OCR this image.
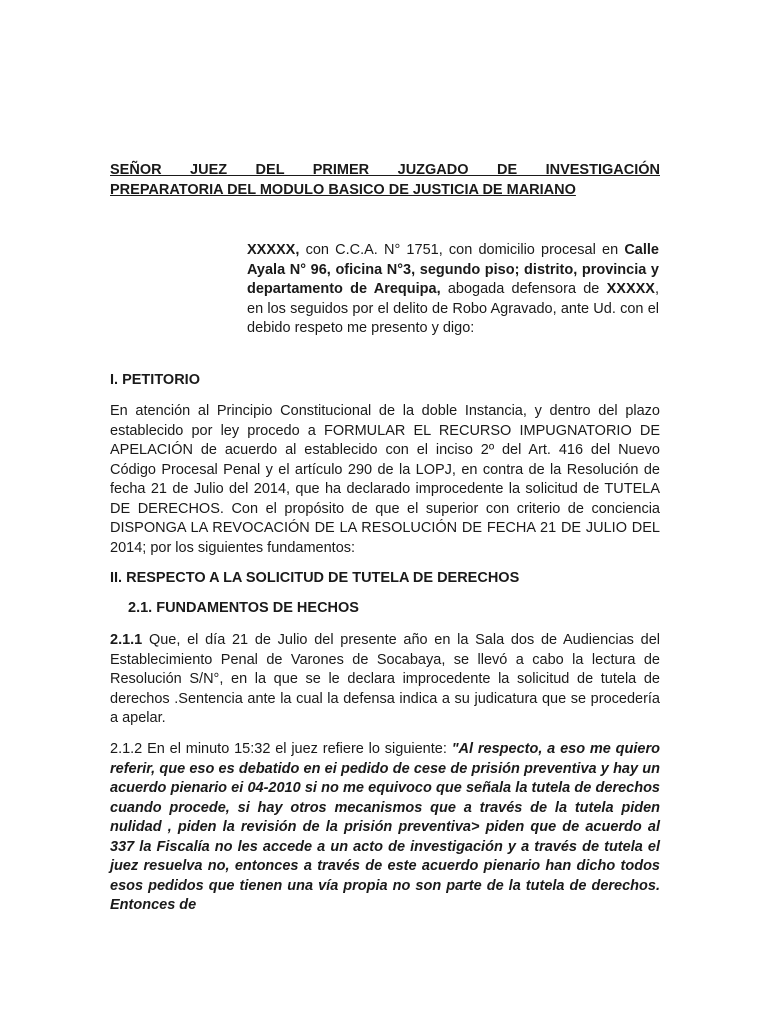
SEÑOR JUEZ DEL PRIMER JUZGADO DE INVESTIGACIÓN
PREPARATORIA DEL MODULO BASICO DE JUSTICIA DE MARIANO
XXXXX, con C.C.A. N° 1751, con domicilio procesal en Calle Ayala N° 96, oficina N°3, segundo piso; distrito, provincia y departamento de Arequipa, abogada defensora de XXXXX, en los seguidos por el delito de Robo Agravado, ante Ud. con el debido respeto me presento y digo:
I. PETITORIO
En atención al Principio Constitucional de la doble Instancia, y dentro del plazo establecido por ley procedo a FORMULAR EL RECURSO IMPUGNATORIO DE APELACIÓN de acuerdo al establecido con el inciso 2º del Art. 416 del Nuevo Código Procesal Penal y el artículo 290 de la LOPJ, en contra de la Resolución de fecha 21 de Julio del 2014, que ha declarado improcedente la solicitud de TUTELA DE DERECHOS. Con el propósito de que el superior con criterio de conciencia DISPONGA LA REVOCACIÓN DE LA RESOLUCIÓN DE FECHA 21 DE JULIO DEL 2014; por los siguientes fundamentos:
II. RESPECTO A LA SOLICITUD DE TUTELA DE DERECHOS
2.1. FUNDAMENTOS DE HECHOS
2.1.1 Que, el día 21 de Julio del presente año en la Sala dos de Audiencias del Establecimiento Penal de Varones de Socabaya, se llevó a cabo la lectura de Resolución S/N°, en la que se le declara improcedente la solicitud de tutela de derechos .Sentencia ante la cual la defensa indica a su judicatura que se procedería a apelar.
2.1.2 En el minuto 15:32 el juez refiere lo siguiente: "Al respecto, a eso me quiero referir, que eso es debatido en ei pedido de cese de prisión preventiva y hay un acuerdo pienario ei 04-2010 si no me equivoco que señala la tutela de derechos cuando procede, si hay otros mecanismos que a través de la tutela piden nulidad , piden la revisión de la prisión preventiva> piden que de acuerdo al 337 la Fiscalía no les accede a un acto de investigación y a través de tutela el juez resuelva no, entonces a través de este acuerdo pienario han dicho todos esos pedidos que tienen una vía propia no son parte de la tutela de derechos. Entonces de
